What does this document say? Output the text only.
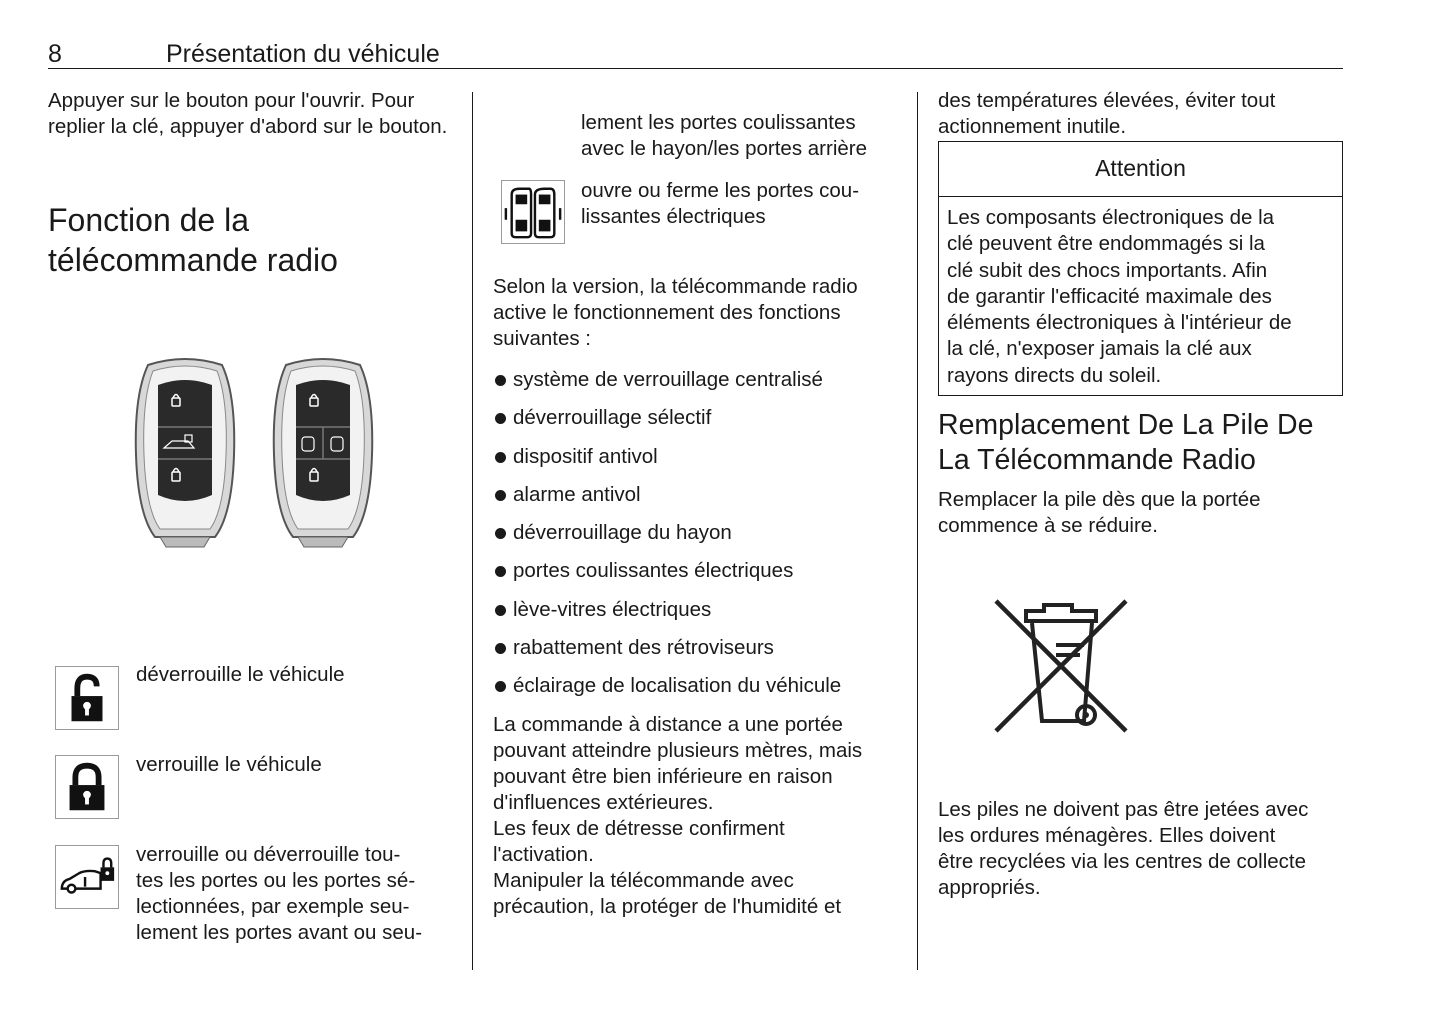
8	Présentation du véhicule
Appuyer sur le bouton pour l'ouvrir. Pour replier la clé, appuyer d'abord sur le bouton.
Fonction de la
télécommande radio
déverrouille le véhicule
verrouille le véhicule
verrouille ou déverrouille tou-
tes les portes ou les portes sé-
lectionnées, par exemple seu-
lement les portes avant ou seu-
lement les portes coulissantes
avec le hayon/les portes arrière
ouvre ou ferme les portes cou-
lissantes électriques
Selon la version, la télécommande radio
active le fonctionnement des fonctions
suivantes :
système de verrouillage centralisé
déverrouillage sélectif
dispositif antivol
alarme antivol
déverrouillage du hayon
portes coulissantes électriques
lève-vitres électriques
rabattement des rétroviseurs
éclairage de localisation du véhicule
La commande à distance a une portée
pouvant atteindre plusieurs mètres, mais
pouvant être bien inférieure en raison
d'influences extérieures.
Les feux de détresse confirment
l'activation.
Manipuler la télécommande avec
précaution, la protéger de l'humidité et
des températures élevées, éviter tout
actionnement inutile.
Attention
Les composants électroniques de la
clé peuvent être endommagés si la
clé subit des chocs importants. Afin
de garantir l'efficacité maximale des
éléments électroniques à l'intérieur de
la clé, n'exposer jamais la clé aux
rayons directs du soleil.
Remplacement De La Pile De
La Télécommande Radio
Remplacer la pile dès que la portée
commence à se réduire.
Les piles ne doivent pas être jetées avec
les ordures ménagères. Elles doivent
être recyclées via les centres de collecte
appropriés.
